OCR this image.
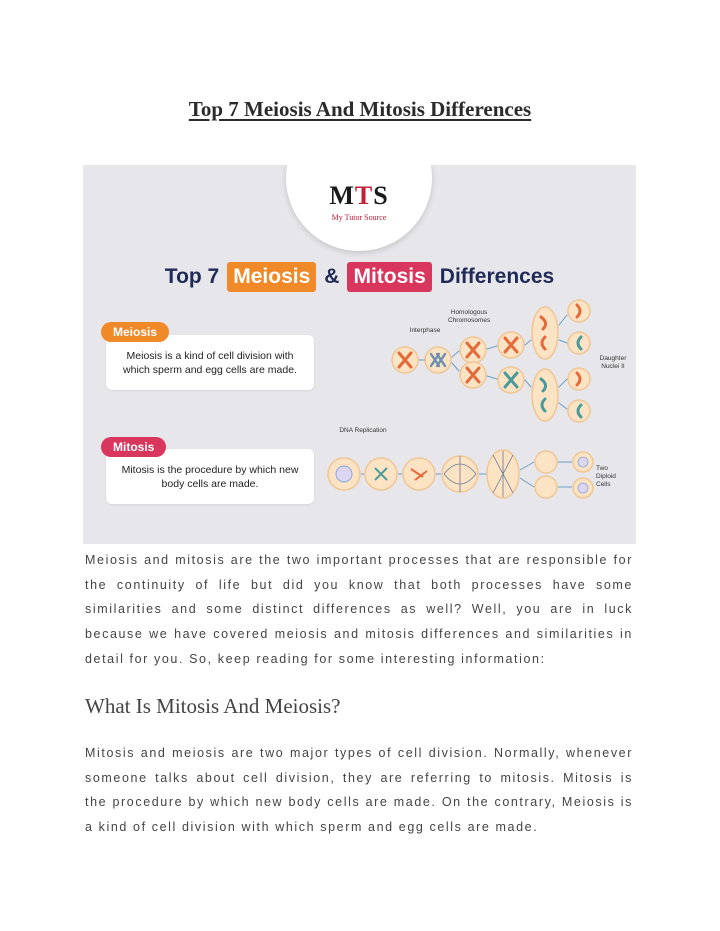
Top 7 Meiosis And Mitosis Differences
MTS
My Tutor Source
Top 7 Meiosis & Mitosis Differences
Meiosis is a kind of cell division with which sperm and egg cells are made.
Meiosis
Mitosis is the procedure by which new body cells are made.
Mitosis
Homologous Chromosomes
Interphase
Daughter Nuclei II
DNA Replication
Two Diploid Cells

Meiosis and mitosis are the two important processes that are responsible for the continuity of life but did you know that both processes have some similarities and some distinct differences as well? Well, you are in luck because we have covered meiosis and mitosis differences and similarities in detail for you. So, keep reading for some interesting information:

What Is Mitosis And Meiosis?

Mitosis and meiosis are two major types of cell division. Normally, whenever someone talks about cell division, they are referring to mitosis. Mitosis is the procedure by which new body cells are made. On the contrary, Meiosis is a kind of cell division with which sperm and egg cells are made.
